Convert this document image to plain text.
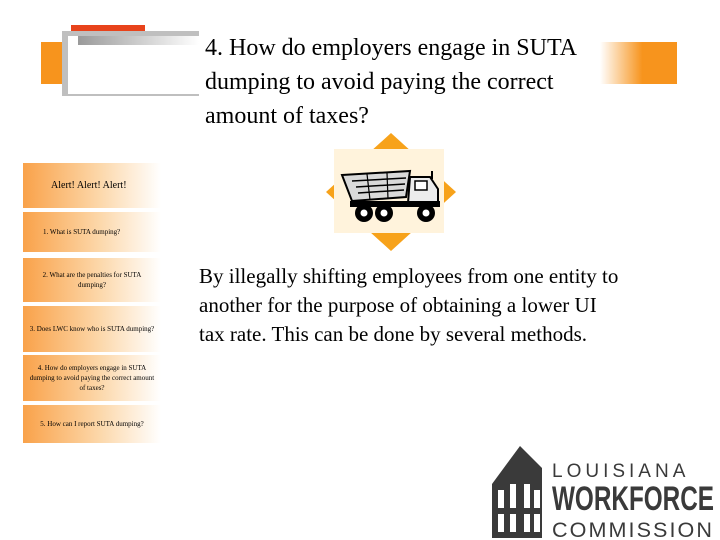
4. How do employers engage in SUTA dumping to avoid paying the correct amount of taxes?
Alert! Alert! Alert!
1. What is SUTA dumping?
2. What are the penalties for SUTA dumping?
3. Does LWC know who is SUTA dumping?
4. How do employers engage in SUTA dumping to avoid paying the correct amount of taxes?
5. How can I report SUTA dumping?
By illegally shifting employees from one entity to another for the purpose of obtaining a lower UI tax rate. This can be done by several methods.
LOUISIANA
WORKFORCE
COMMISSION
